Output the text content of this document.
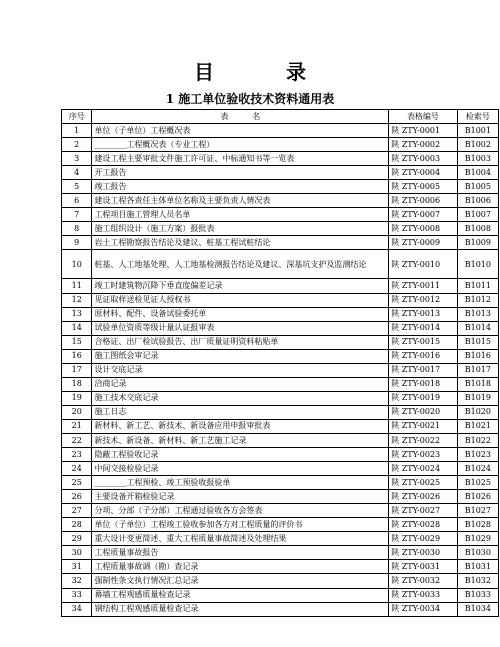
目　录
1 施工单位验收技术资料通用表
序号	表　　　名	表格编号	检索号
1	单位（子单位）工程概况表	陕 ZTY-0001	B1001
2	________工程概况表（专业工程）	陕 ZTY-0002	B1002
3	建设工程主要审批文件施工许可证、中标通知书等一览表	陕 ZTY-0003	B1003
4	开工报告	陕 ZTY-0004	B1004
5	竣工报告	陕 ZTY-0005	B1005
6	建设工程各责任主体单位名称及主要负责人情况表	陕 ZTY-0006	B1006
7	工程项目施工管理人员名单	陕 ZTY-0007	B1007
8	施工组织设计（施工方案）报批表	陕 ZTY-0008	B1008
9	岩土工程勘察报告结论及建议、桩基工程试桩结论	陕 ZTY-0009	B1009
10	桩基、人工地基处理、人工地基检测报告结论及建议、深基坑支护及监测结论	陕 ZTY-0010	B1010
11	竣工时建筑物沉降下垂直度偏差记录	陕 ZTY-0011	B1011
12	见证取样送检见证人授权书	陕 ZTY-0012	B1012
13	原材料、配件、设备试验委托单	陕 ZTY-0013	B1013
14	试验单位资质等级计量认证报审表	陕 ZTY-0014	B1014
15	合格证、出厂检试验报告、出厂质量证明资料粘贴单	陕 ZTY-0015	B1015
16	施工图纸会审记录	陕 ZTY-0016	B1016
17	设计交底记录	陕 ZTY-0017	B1017
18	洽商记录	陕 ZTY-0018	B1018
19	施工技术交底记录	陕 ZTY-0019	B1019
20	施工日志	陕 ZTY-0020	B1020
21	新材料、新工艺、新技术、新设备应用申报审批表	陕 ZTY-0021	B1021
22	新技术、新设备、新材料、新工艺施工记录	陕 ZTY-0022	B1022
23	隐蔽工程验收记录	陕 ZTY-0023	B1023
24	中间交接检验记录	陕 ZTY-0024	B1024
25	________工程预检、竣工预验收报验单	陕 ZTY-0025	B1025
26	主要设备开箱检验记录	陕 ZTY-0026	B1026
27	分项、分部（子分部）工程通过验收各方会签表	陕 ZTY-0027	B1027
28	单位（子单位）工程竣工验收参加各方对工程质量的评价书	陕 ZTY-0028	B1028
29	重大设计变更简述、重大工程质量事故简述及处理结果	陕 ZTY-0029	B1029
30	工程质量事故报告	陕 ZTY-0030	B1030
31	工程质量事故调（勘）查记录	陕 ZTY-0031	B1031
32	强制性条文执行情况汇总记录	陕 ZTY-0032	B1032
33	幕墙工程观感质量检查记录	陕 ZTY-0033	B1033
34	钢结构工程观感质量检查记录	陕 ZTY-0034	B1034
